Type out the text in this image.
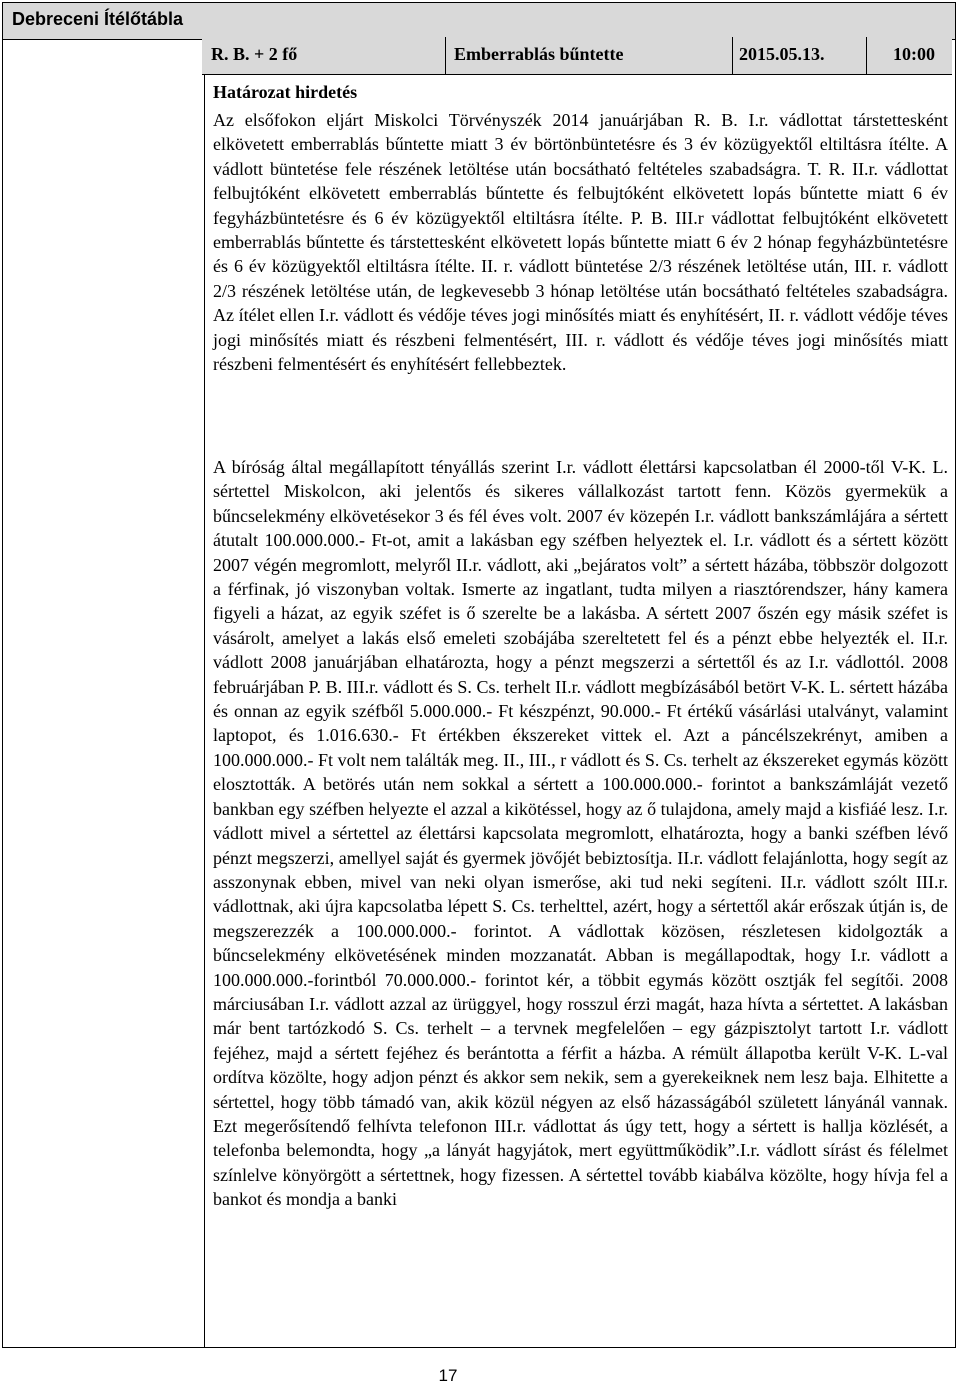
Debreceni Ítélőtábla
R. B. + 2 fő	Emberrablás bűntette	2015.05.13.	10:00
Határozat hirdetés

Az elsőfokon eljárt Miskolci Törvényszék 2014 januárjában R. B. I.r. vádlottat társtettesként elkövetett emberrablás bűntette miatt 3 év börtönbüntetésre és 3 év közügyektől eltiltásra ítélte. A vádlott büntetése fele részének letöltése után bocsátható feltételes szabadságra. T. R. II.r. vádlottat felbujtóként elkövetett emberrablás bűntette és felbujtóként elkövetett lopás bűntette miatt 6 év fegyházbüntetésre és 6 év közügyektől eltiltásra ítélte. P. B. III.r vádlottat felbujtóként elkövetett emberrablás bűntette és társtettesként elkövetett lopás bűntette miatt 6 év 2 hónap fegyházbüntetésre és 6 év közügyektől eltiltásra ítélte. II. r. vádlott büntetése 2/3 részének letöltése után, III. r. vádlott 2/3 részének letöltése után, de legkevesebb 3 hónap letöltése után bocsátható feltételes szabadságra. Az ítélet ellen I.r. vádlott és védője téves jogi minősítés miatt és enyhítésért, II. r. vádlott védője téves jogi minősítés miatt és részbeni felmentésért, III. r. vádlott és védője téves jogi minősítés miatt részbeni felmentésért és enyhítésért fellebbeztek.

A bíróság által megállapított tényállás szerint I.r. vádlott élettársi kapcsolatban él 2000-től V-K. L. sértettel Miskolcon, aki jelentős és sikeres vállalkozást tartott fenn. Közös gyermekük a bűncselekmény elkövetésekor 3 és fél éves volt. 2007 év közepén I.r. vádlott bankszámlájára a sértett átutalt 100.000.000.- Ft-ot, amit a lakásban egy széfben helyeztek el. I.r. vádlott és a sértett között 2007 végén megromlott, melyről II.r. vádlott, aki „bejáratos volt” a sértett házába, többször dolgozott a férfinak, jó viszonyban voltak. Ismerte az ingatlant, tudta milyen a riasztórendszer, hány kamera figyeli a házat, az egyik széfet is ő szerelte be a lakásba. A sértett 2007 őszén egy másik széfet is vásárolt, amelyet a lakás első emeleti szobájába szereltetett fel és a pénzt ebbe helyezték el. II.r. vádlott 2008 januárjában elhatározta, hogy a pénzt megszerzi a sértettől és az I.r. vádlottól. 2008 februárjában P. B. III.r. vádlott és S. Cs. terhelt II.r. vádlott megbízásából betört V-K. L. sértett házába és onnan az egyik széfből 5.000.000.- Ft készpénzt, 90.000.- Ft értékű vásárlási utalványt, valamint laptopot, és 1.016.630.- Ft értékben ékszereket vittek el. Azt a páncélszekrényt, amiben a 100.000.000.- Ft volt nem találták meg. II., III., r vádlott és S. Cs. terhelt az ékszereket egymás között elosztották. A betörés után nem sokkal a sértett a 100.000.000.- forintot a bankszámláját vezető bankban egy széfben helyezte el azzal a kikötéssel, hogy az ő tulajdona, amely majd a kisfiáé lesz. I.r. vádlott mivel a sértettel az élettársi kapcsolata megromlott, elhatározta, hogy a banki széfben lévő pénzt megszerzi, amellyel saját és gyermek jövőjét bebiztosítja. II.r. vádlott felajánlotta, hogy segít az asszonynak ebben, mivel van neki olyan ismerőse, aki tud neki segíteni. II.r. vádlott szólt III.r. vádlottnak, aki újra kapcsolatba lépett S. Cs. terhelttel, azért, hogy a sértettől akár erőszak útján is, de megszerezzék a 100.000.000.- forintot. A vádlottak közösen, részletesen kidolgozták a bűncselekmény elkövetésének minden mozzanatát. Abban is megállapodtak, hogy I.r. vádlott a 100.000.000.-forintból 70.000.000.- forintot kér, a többit egymás között osztják fel segítői. 2008 márciusában I.r. vádlott azzal az ürüggyel, hogy rosszul érzi magát, haza hívta a sértettet. A lakásban már bent tartózkodó S. Cs. terhelt – a tervnek megfelelően – egy gázpisztolyt tartott I.r. vádlott fejéhez, majd a sértett fejéhez és berántotta a férfit a házba. A rémült állapotba került V-K. L-val ordítva közölte, hogy adjon pénzt és akkor sem nekik, sem a gyerekeiknek nem lesz baja. Elhitette a sértettel, hogy több támadó van, akik közül négyen az első házasságából született lányánál vannak. Ezt megerősítendő felhívta telefonon III.r. vádlottat ás úgy tett, hogy a sértett is hallja közlését, a telefonba belemondta, hogy „a lányát hagyjátok, mert együttműködik”.I.r. vádlott sírást és félelmet színlelve könyörgött a sértettnek, hogy fizessen. A sértettel tovább kiabálva közölte, hogy hívja fel a bankot és mondja a banki

17
